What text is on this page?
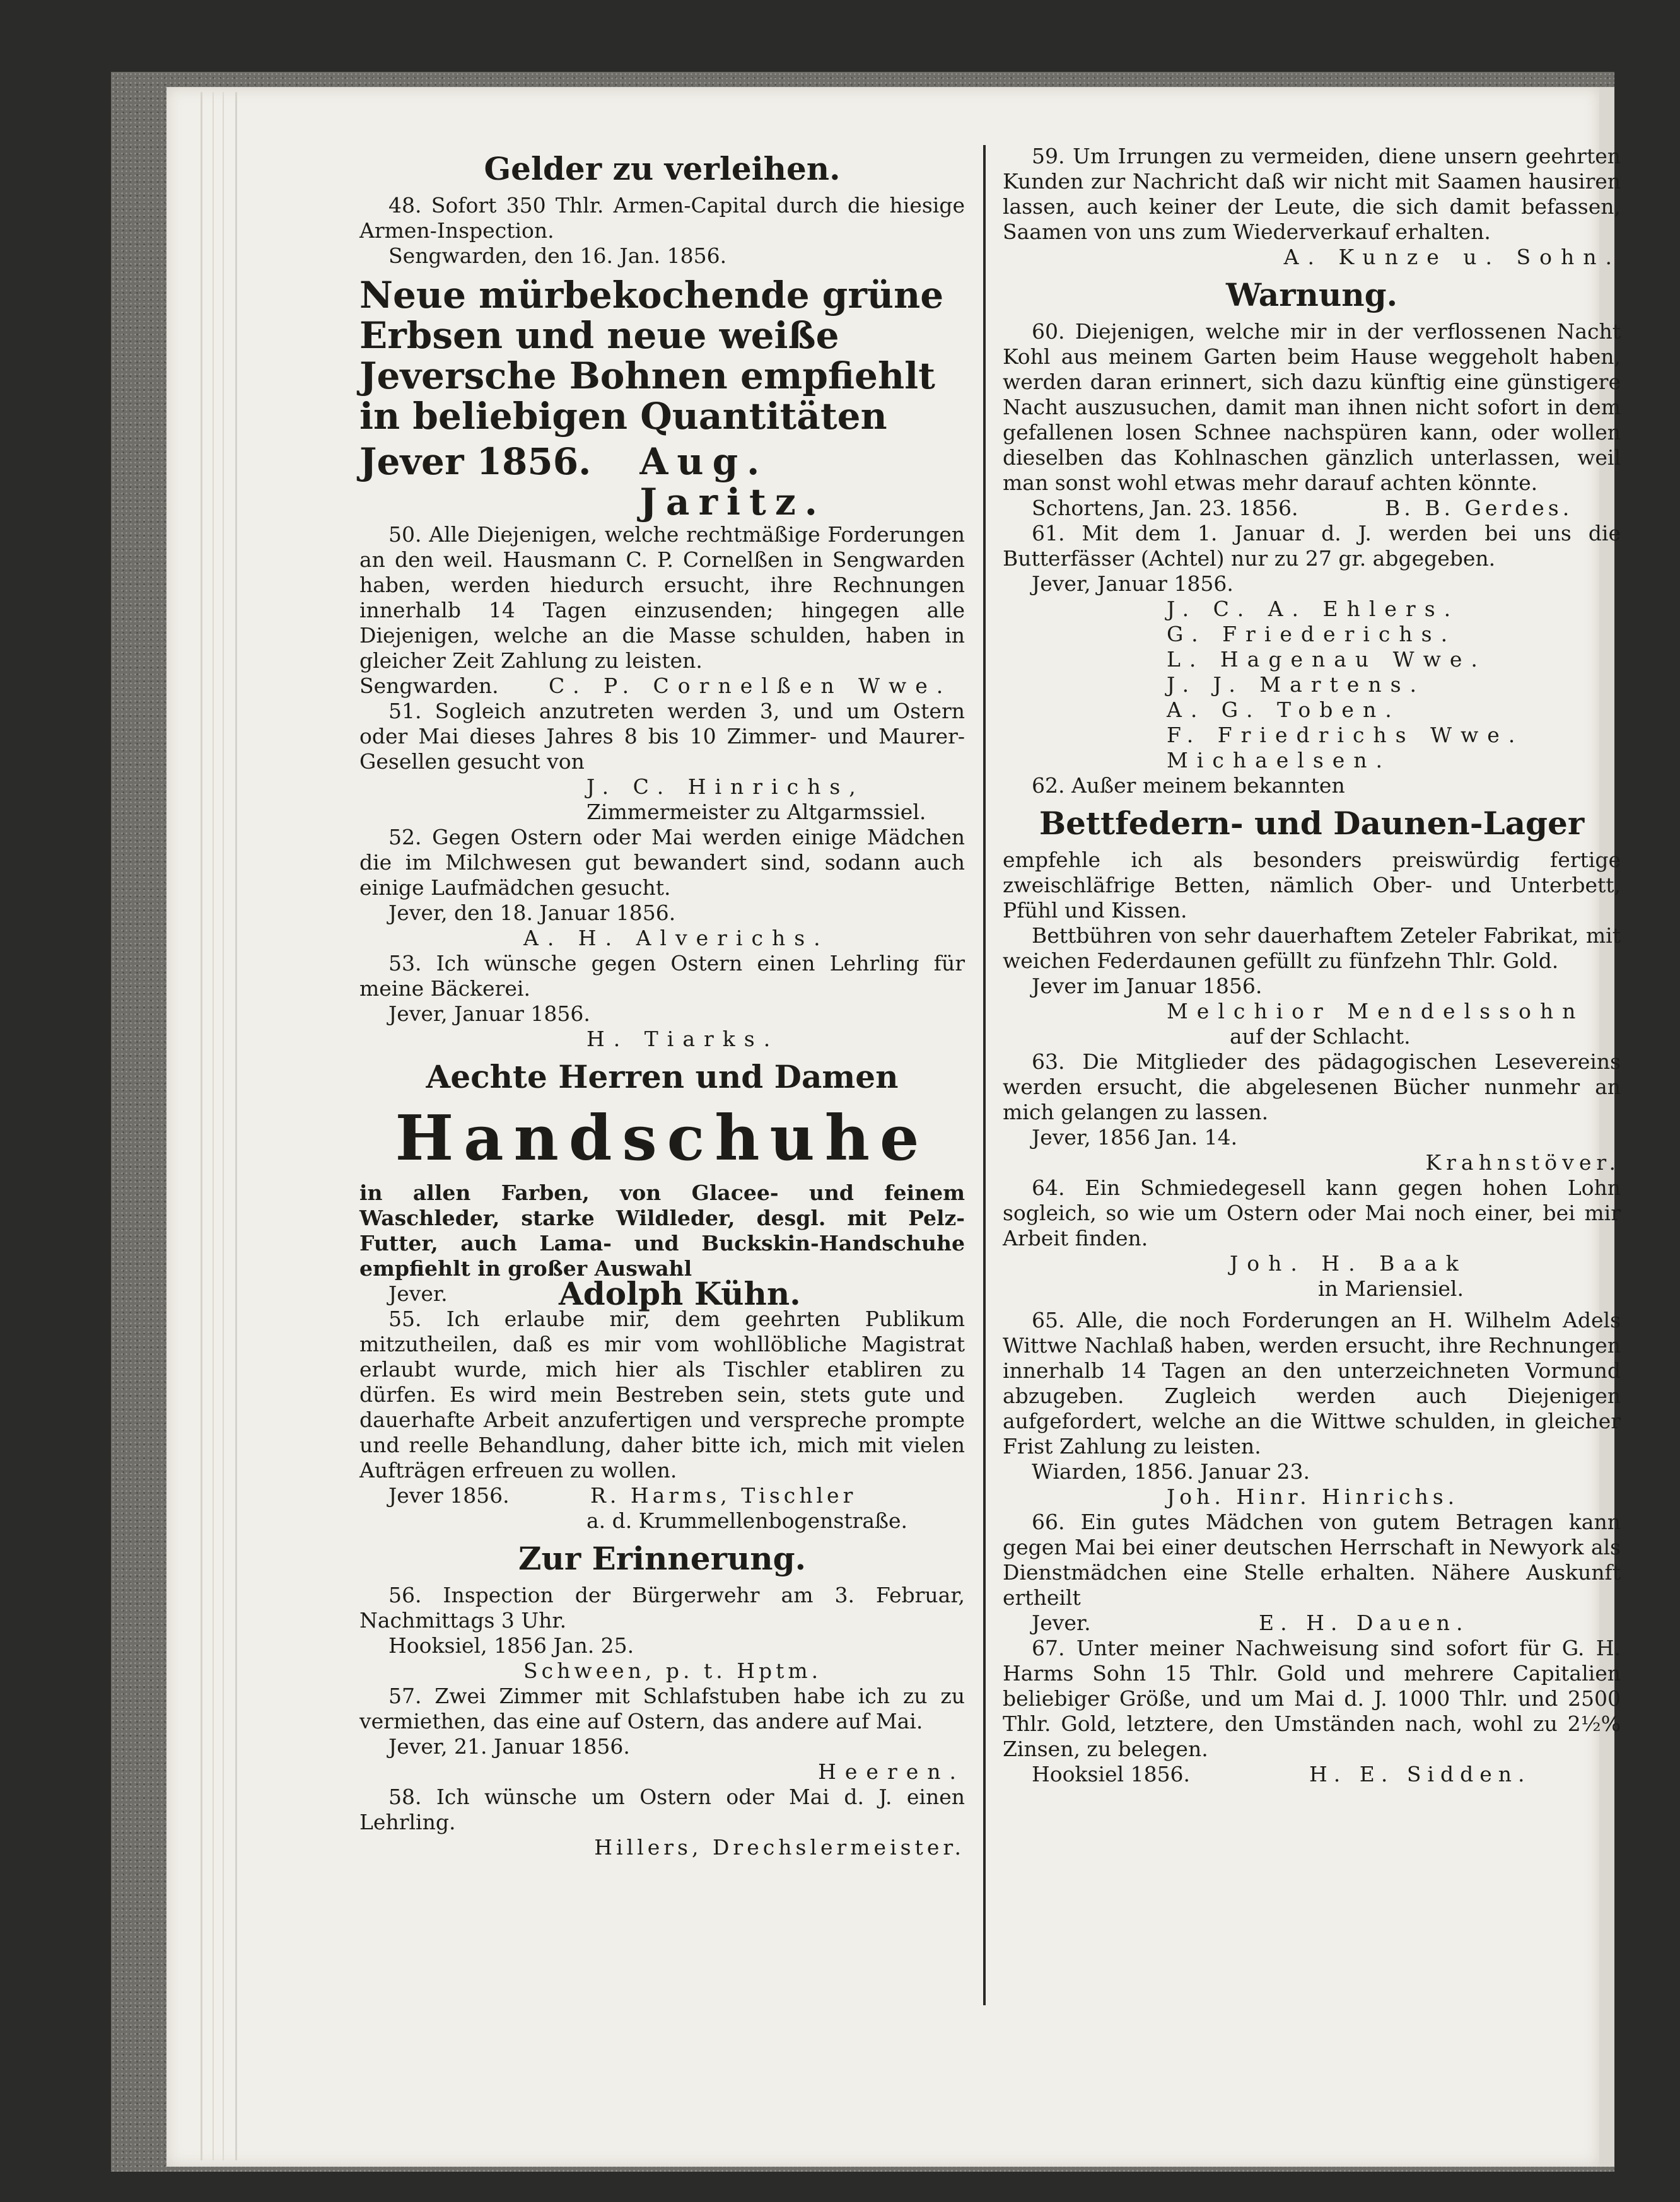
Gelder zu verleihen.

48. Sofort 350 Thlr. Armen-Capital durch die hiesige Armen-Inspection.

Sengwarden, den 16. Jan. 1856.

Neue mürbekochende grüne Erbsen und neue weiße Jeversche Bohnen empfiehlt in beliebigen Quantitäten
Jever 1856.	Aug. Jaritz.

50. Alle Diejenigen, welche rechtmäßige Forderungen an den weil. Hausmann C. P. Cornelßen in Sengwarden haben, werden hiedurch ersucht, ihre Rechnungen innerhalb 14 Tagen einzusenden; hingegen alle Diejenigen, welche an die Masse schulden, haben in gleicher Zeit Zahlung zu leisten.

Sengwarden.	C. P. Cornelßen Wwe.

51. Sogleich anzutreten werden 3, und um Ostern oder Mai dieses Jahres 8 bis 10 Zimmer- und Maurer-Gesellen gesucht von

J. C. Hinrichs,

Zimmermeister zu Altgarmssiel.

52. Gegen Ostern oder Mai werden einige Mädchen die im Milchwesen gut bewandert sind, sodann auch einige Laufmädchen gesucht.

Jever, den 18. Januar 1856.

A. H. Alverichs.

53. Ich wünsche gegen Ostern einen Lehrling für meine Bäckerei.

Jever, Januar 1856.

H. Tiarks.

Aechte Herren und Damen
Handschuhe

in allen Farben, von Glacee- und feinem Waschleder, starke Wildleder, desgl. mit Pelz-Futter, auch Lama- und Buckskin-Handschuhe empfiehlt in großer Auswahl

Jever.	Adolph Kühn.

55. Ich erlaube mir, dem geehrten Publikum mitzutheilen, daß es mir vom wohllöbliche Magistrat erlaubt wurde, mich hier als Tischler etabliren zu dürfen. Es wird mein Bestreben sein, stets gute und dauerhafte Arbeit anzufertigen und verspreche prompte und reelle Behandlung, daher bitte ich, mich mit vielen Aufträgen erfreuen zu wollen.

Jever 1856.	R. Harms, Tischler

a. d. Krummellenbogenstraße.

Zur Erinnerung.

56. Inspection der Bürgerwehr am 3. Februar, Nachmittags 3 Uhr.

Hooksiel, 1856 Jan. 25.

Schween, p. t. Hptm.

57. Zwei Zimmer mit Schlafstuben habe ich zu zu vermiethen, das eine auf Ostern, das andere auf Mai.

Jever, 21. Januar 1856.

Heeren.

58. Ich wünsche um Ostern oder Mai d. J. einen Lehrling.

Hillers, Drechslermeister.

59. Um Irrungen zu vermeiden, diene unsern geehrten Kunden zur Nachricht daß wir nicht mit Saamen hausiren lassen, auch keiner der Leute, die sich damit befassen, Saamen von uns zum Wiederverkauf erhalten.

A. Kunze u. Sohn.

Warnung.

60. Diejenigen, welche mir in der verflossenen Nacht Kohl aus meinem Garten beim Hause weggeholt haben, werden daran erinnert, sich dazu künftig eine günstigere Nacht auszusuchen, damit man ihnen nicht sofort in dem gefallenen losen Schnee nachspüren kann, oder wollen dieselben das Kohlnaschen gänzlich unterlassen, weil man sonst wohl etwas mehr darauf achten könnte.

Schortens, Jan. 23. 1856.	B. B. Gerdes.

61. Mit dem 1. Januar d. J. werden bei uns die Butterfässer (Achtel) nur zu 27 gr. abgegeben.

Jever, Januar 1856.

J. C. A. Ehlers.

G. Friederichs.

L. Hagenau Wwe.

J. J. Martens.

A. G. Toben.

F. Friedrichs Wwe.

Michaelsen.

62. Außer meinem bekannten

Bettfedern- und Daunen-Lager

empfehle ich als besonders preiswürdig fertige zweischläfrige Betten, nämlich Ober- und Unterbett, Pfühl und Kissen.

Bettbühren von sehr dauerhaftem Zeteler Fabrikat, mit weichen Federdaunen gefüllt zu fünfzehn Thlr. Gold.

Jever im Januar 1856.

Melchior Mendelssohn

auf der Schlacht.

63. Die Mitglieder des pädagogischen Lesevereins werden ersucht, die abgelesenen Bücher nunmehr an mich gelangen zu lassen.

Jever, 1856 Jan. 14.

Krahnstöver.

64. Ein Schmiedegesell kann gegen hohen Lohn sogleich, so wie um Ostern oder Mai noch einer, bei mir Arbeit finden.

Joh. H. Baak

in Mariensiel.

65. Alle, die noch Forderungen an H. Wilhelm Adels Wittwe Nachlaß haben, werden ersucht, ihre Rechnungen innerhalb 14 Tagen an den unterzeichneten Vormund abzugeben. Zugleich werden auch Diejenigen aufgefordert, welche an die Wittwe schulden, in gleicher Frist Zahlung zu leisten.

Wiarden, 1856. Januar 23.

Joh. Hinr. Hinrichs.

66. Ein gutes Mädchen von gutem Betragen kann gegen Mai bei einer deutschen Herrschaft in Newyork als Dienstmädchen eine Stelle erhalten. Nähere Auskunft ertheilt

Jever.	E. H. Dauen.

67. Unter meiner Nachweisung sind sofort für G. H. Harms Sohn 15 Thlr. Gold und mehrere Capitalien beliebiger Größe, und um Mai d. J. 1000 Thlr. und 2500 Thlr. Gold, letztere, den Umständen nach, wohl zu 2½% Zinsen, zu belegen.

Hooksiel 1856.	H. E. Sidden.
